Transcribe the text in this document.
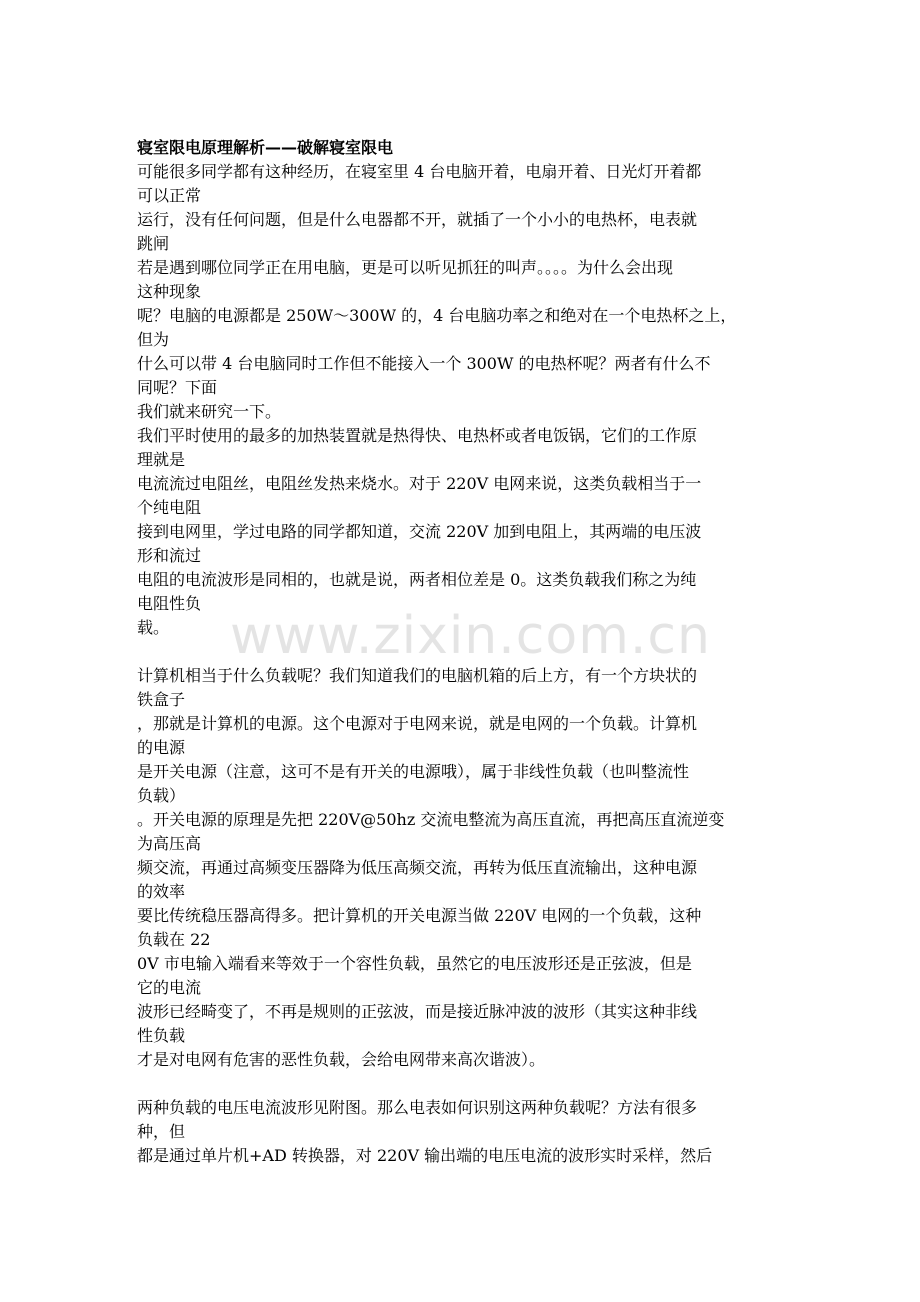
寝室限电原理解析——破解寝室限电
可能很多同学都有这种经历，在寝室里 4 台电脑开着，电扇开着、日光灯开着都
可以正常
运行，没有任何问题，但是什么电器都不开，就插了一个小小的电热杯，电表就
跳闸
若是遇到哪位同学正在用电脑，更是可以听见抓狂的叫声。。。。为什么会出现
这种现象
呢？电脑的电源都是 250W～300W 的，4 台电脑功率之和绝对在一个电热杯之上，
但为
什么可以带 4 台电脑同时工作但不能接入一个 300W 的电热杯呢？两者有什么不
同呢？下面
我们就来研究一下。
我们平时使用的最多的加热装置就是热得快、电热杯或者电饭锅，它们的工作原
理就是
电流流过电阻丝，电阻丝发热来烧水。对于 220V 电网来说，这类负载相当于一
个纯电阻
接到电网里，学过电路的同学都知道，交流 220V 加到电阻上，其两端的电压波
形和流过
电阻的电流波形是同相的，也就是说，两者相位差是 0。这类负载我们称之为纯
电阻性负
载。
计算机相当于什么负载呢？我们知道我们的电脑机箱的后上方，有一个方块状的
铁盒子
，那就是计算机的电源。这个电源对于电网来说，就是电网的一个负载。计算机
的电源
是开关电源（注意，这可不是有开关的电源哦），属于非线性负载（也叫整流性
负载）
。开关电源的原理是先把 220V@50hz 交流电整流为高压直流，再把高压直流逆变
为高压高
频交流，再通过高频变压器降为低压高频交流，再转为低压直流输出，这种电源
的效率
要比传统稳压器高得多。把计算机的开关电源当做 220V 电网的一个负载，这种
负载在 22
0V 市电输入端看来等效于一个容性负载，虽然它的电压波形还是正弦波，但是
它的电流
波形已经畸变了，不再是规则的正弦波，而是接近脉冲波的波形（其实这种非线
性负载
才是对电网有危害的恶性负载，会给电网带来高次谐波）。
两种负载的电压电流波形见附图。那么电表如何识别这两种负载呢？方法有很多
种，但
都是通过单片机+AD 转换器，对 220V 输出端的电压电流的波形实时采样，然后
www.zixin.com.cn
